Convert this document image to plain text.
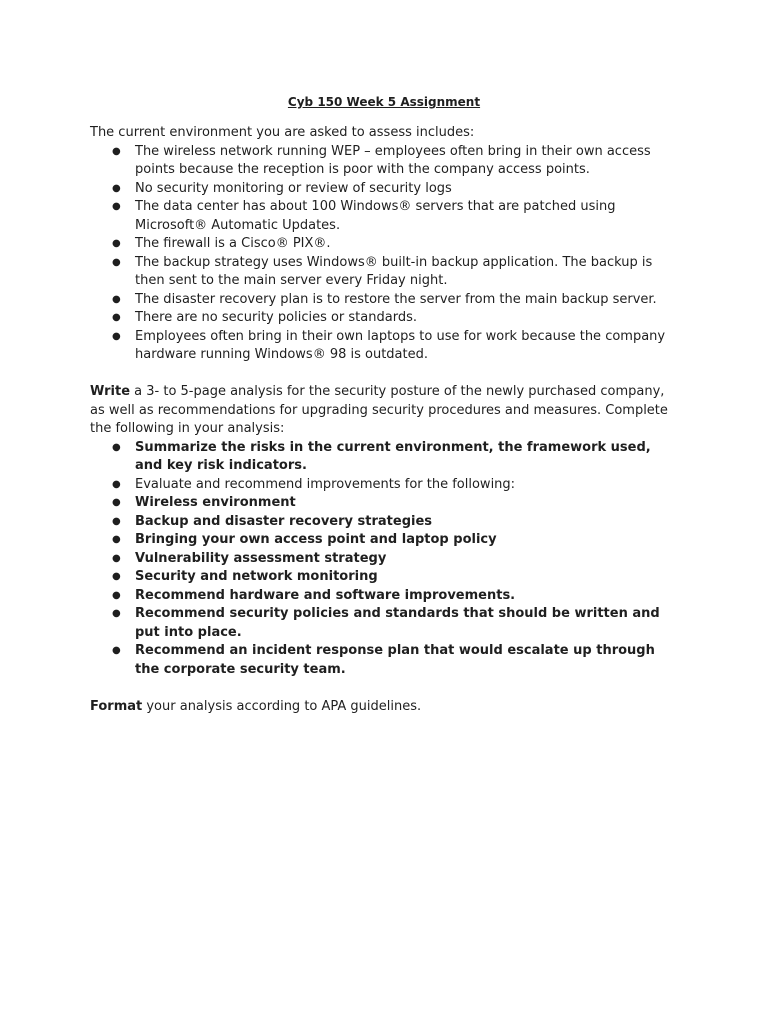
Cyb 150 Week 5 Assignment

The current environment you are asked to assess includes:

● The wireless network running WEP – employees often bring in their own access points because the reception is poor with the company access points.
● No security monitoring or review of security logs
● The data center has about 100 Windows® servers that are patched using Microsoft® Automatic Updates.
● The firewall is a Cisco® PIX®.
● The backup strategy uses Windows® built-in backup application. The backup is then sent to the main server every Friday night.
● The disaster recovery plan is to restore the server from the main backup server.
● There are no security policies or standards.
● Employees often bring in their own laptops to use for work because the company hardware running Windows® 98 is outdated.

Write a 3- to 5-page analysis for the security posture of the newly purchased company, as well as recommendations for upgrading security procedures and measures. Complete the following in your analysis:

● Summarize the risks in the current environment, the framework used, and key risk indicators.
● Evaluate and recommend improvements for the following:
● Wireless environment
● Backup and disaster recovery strategies
● Bringing your own access point and laptop policy
● Vulnerability assessment strategy
● Security and network monitoring
● Recommend hardware and software improvements.
● Recommend security policies and standards that should be written and put into place.
● Recommend an incident response plan that would escalate up through the corporate security team.

Format your analysis according to APA guidelines.
